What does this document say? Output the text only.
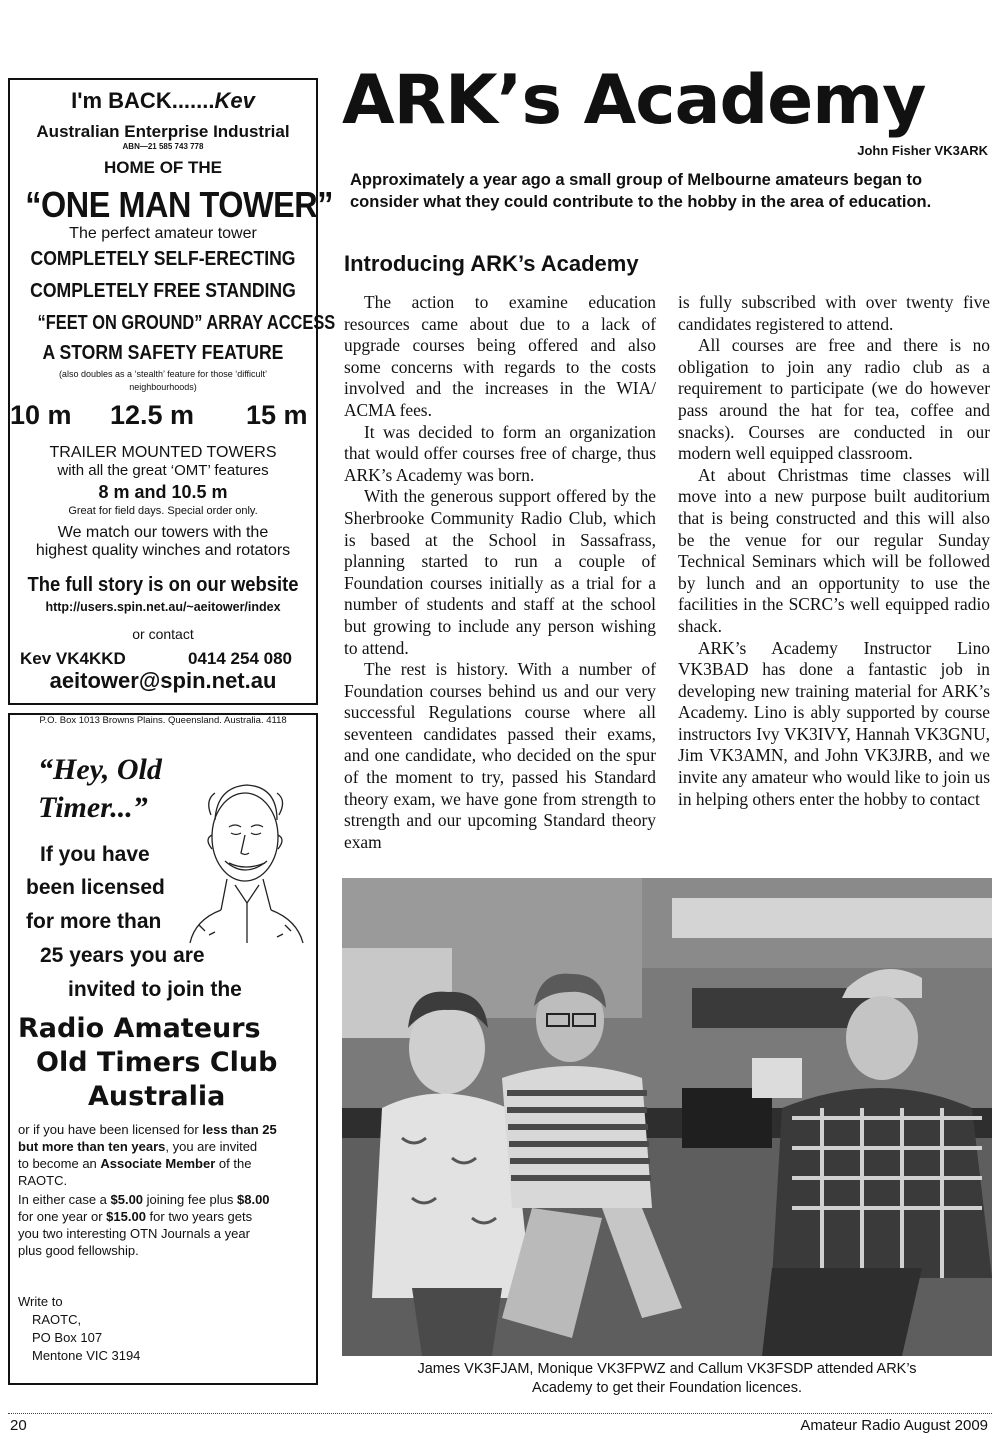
I'm BACK.......Kev
Australian Enterprise Industrial
ABN—21 585 743 778
HOME OF THE
“ONE MAN TOWER”
The perfect amateur tower
COMPLETELY SELF-ERECTING
COMPLETELY FREE STANDING
“FEET ON GROUND” ARRAY ACCESS
A STORM SAFETY FEATURE
(also doubles as a ‘stealth’ feature for those ‘difficult’
neighbourhoods)
10 m 12.5 m 15 m
TRAILER MOUNTED TOWERS
with all the great ‘OMT’ features
8 m and 10.5 m
Great for field days. Special order only.
We match our towers with the
highest quality winches and rotators
The full story is on our website
http://users.spin.net.au/~aeitower/index
or contact
Kev VK4KKD	0414 254 080
aeitower@spin.net.au
P.O. Box 1013 Browns Plains. Queensland. Australia. 4118
“Hey, Old
Timer...”
If you have
been licensed
for more than
25 years you are
invited to join the
Radio Amateurs
Old Timers Club
Australia
or if you have been licensed for less than 25
but more than ten years, you are invited
to become an Associate Member of the
RAOTC.
In either case a $5.00 joining fee plus $8.00
for one year or $15.00 for two years gets
you two interesting OTN Journals a year
plus good fellowship.
Write to
RAOTC,
PO Box 107
Mentone VIC 3194
ARK’s Academy
John Fisher VK3ARK
Approximately a year ago a small group of Melbourne amateurs began to consider what they could contribute to the hobby in the area of education.
Introducing ARK’s Academy

The action to examine education resources came about due to a lack of upgrade courses being offered and also some concerns with regards to the costs involved and the increases in the WIA/ ACMA fees.

It was decided to form an organization that would offer courses free of charge, thus ARK’s Academy was born.

With the generous support offered by the Sherbrooke Community Radio Club, which is based at the School in Sassafrass, planning started to run a couple of Foundation courses initially as a trial for a number of students and staff at the school but growing to include any person wishing to attend.

The rest is history. With a number of Foundation courses behind us and our very successful Regulations course where all seventeen candidates passed their exams, and one candidate, who decided on the spur of the moment to try, passed his Standard theory exam, we have gone from strength to strength and our upcoming Standard theory exam

is fully subscribed with over twenty five candidates registered to attend.

All courses are free and there is no obligation to join any radio club as a requirement to participate (we do however pass around the hat for tea, coffee and snacks). Courses are conducted in our modern well equipped classroom.

At about Christmas time classes will move into a new purpose built auditorium that is being constructed and this will also be the venue for our regular Sunday Technical Seminars which will be followed by lunch and an opportunity to use the facilities in the SCRC’s well equipped radio shack.

ARK’s Academy Instructor Lino VK3BAD has done a fantastic job in developing new training material for ARK’s Academy. Lino is ably supported by course instructors Ivy VK3IVY, Hannah VK3GNU, Jim VK3AMN, and John VK3JRB, and we invite any amateur who would like to join us in helping others enter the hobby to contact

James VK3FJAM, Monique VK3FPWZ and Callum VK3FSDP attended ARK’s
Academy to get their Foundation licences.
20	Amateur Radio August 2009
